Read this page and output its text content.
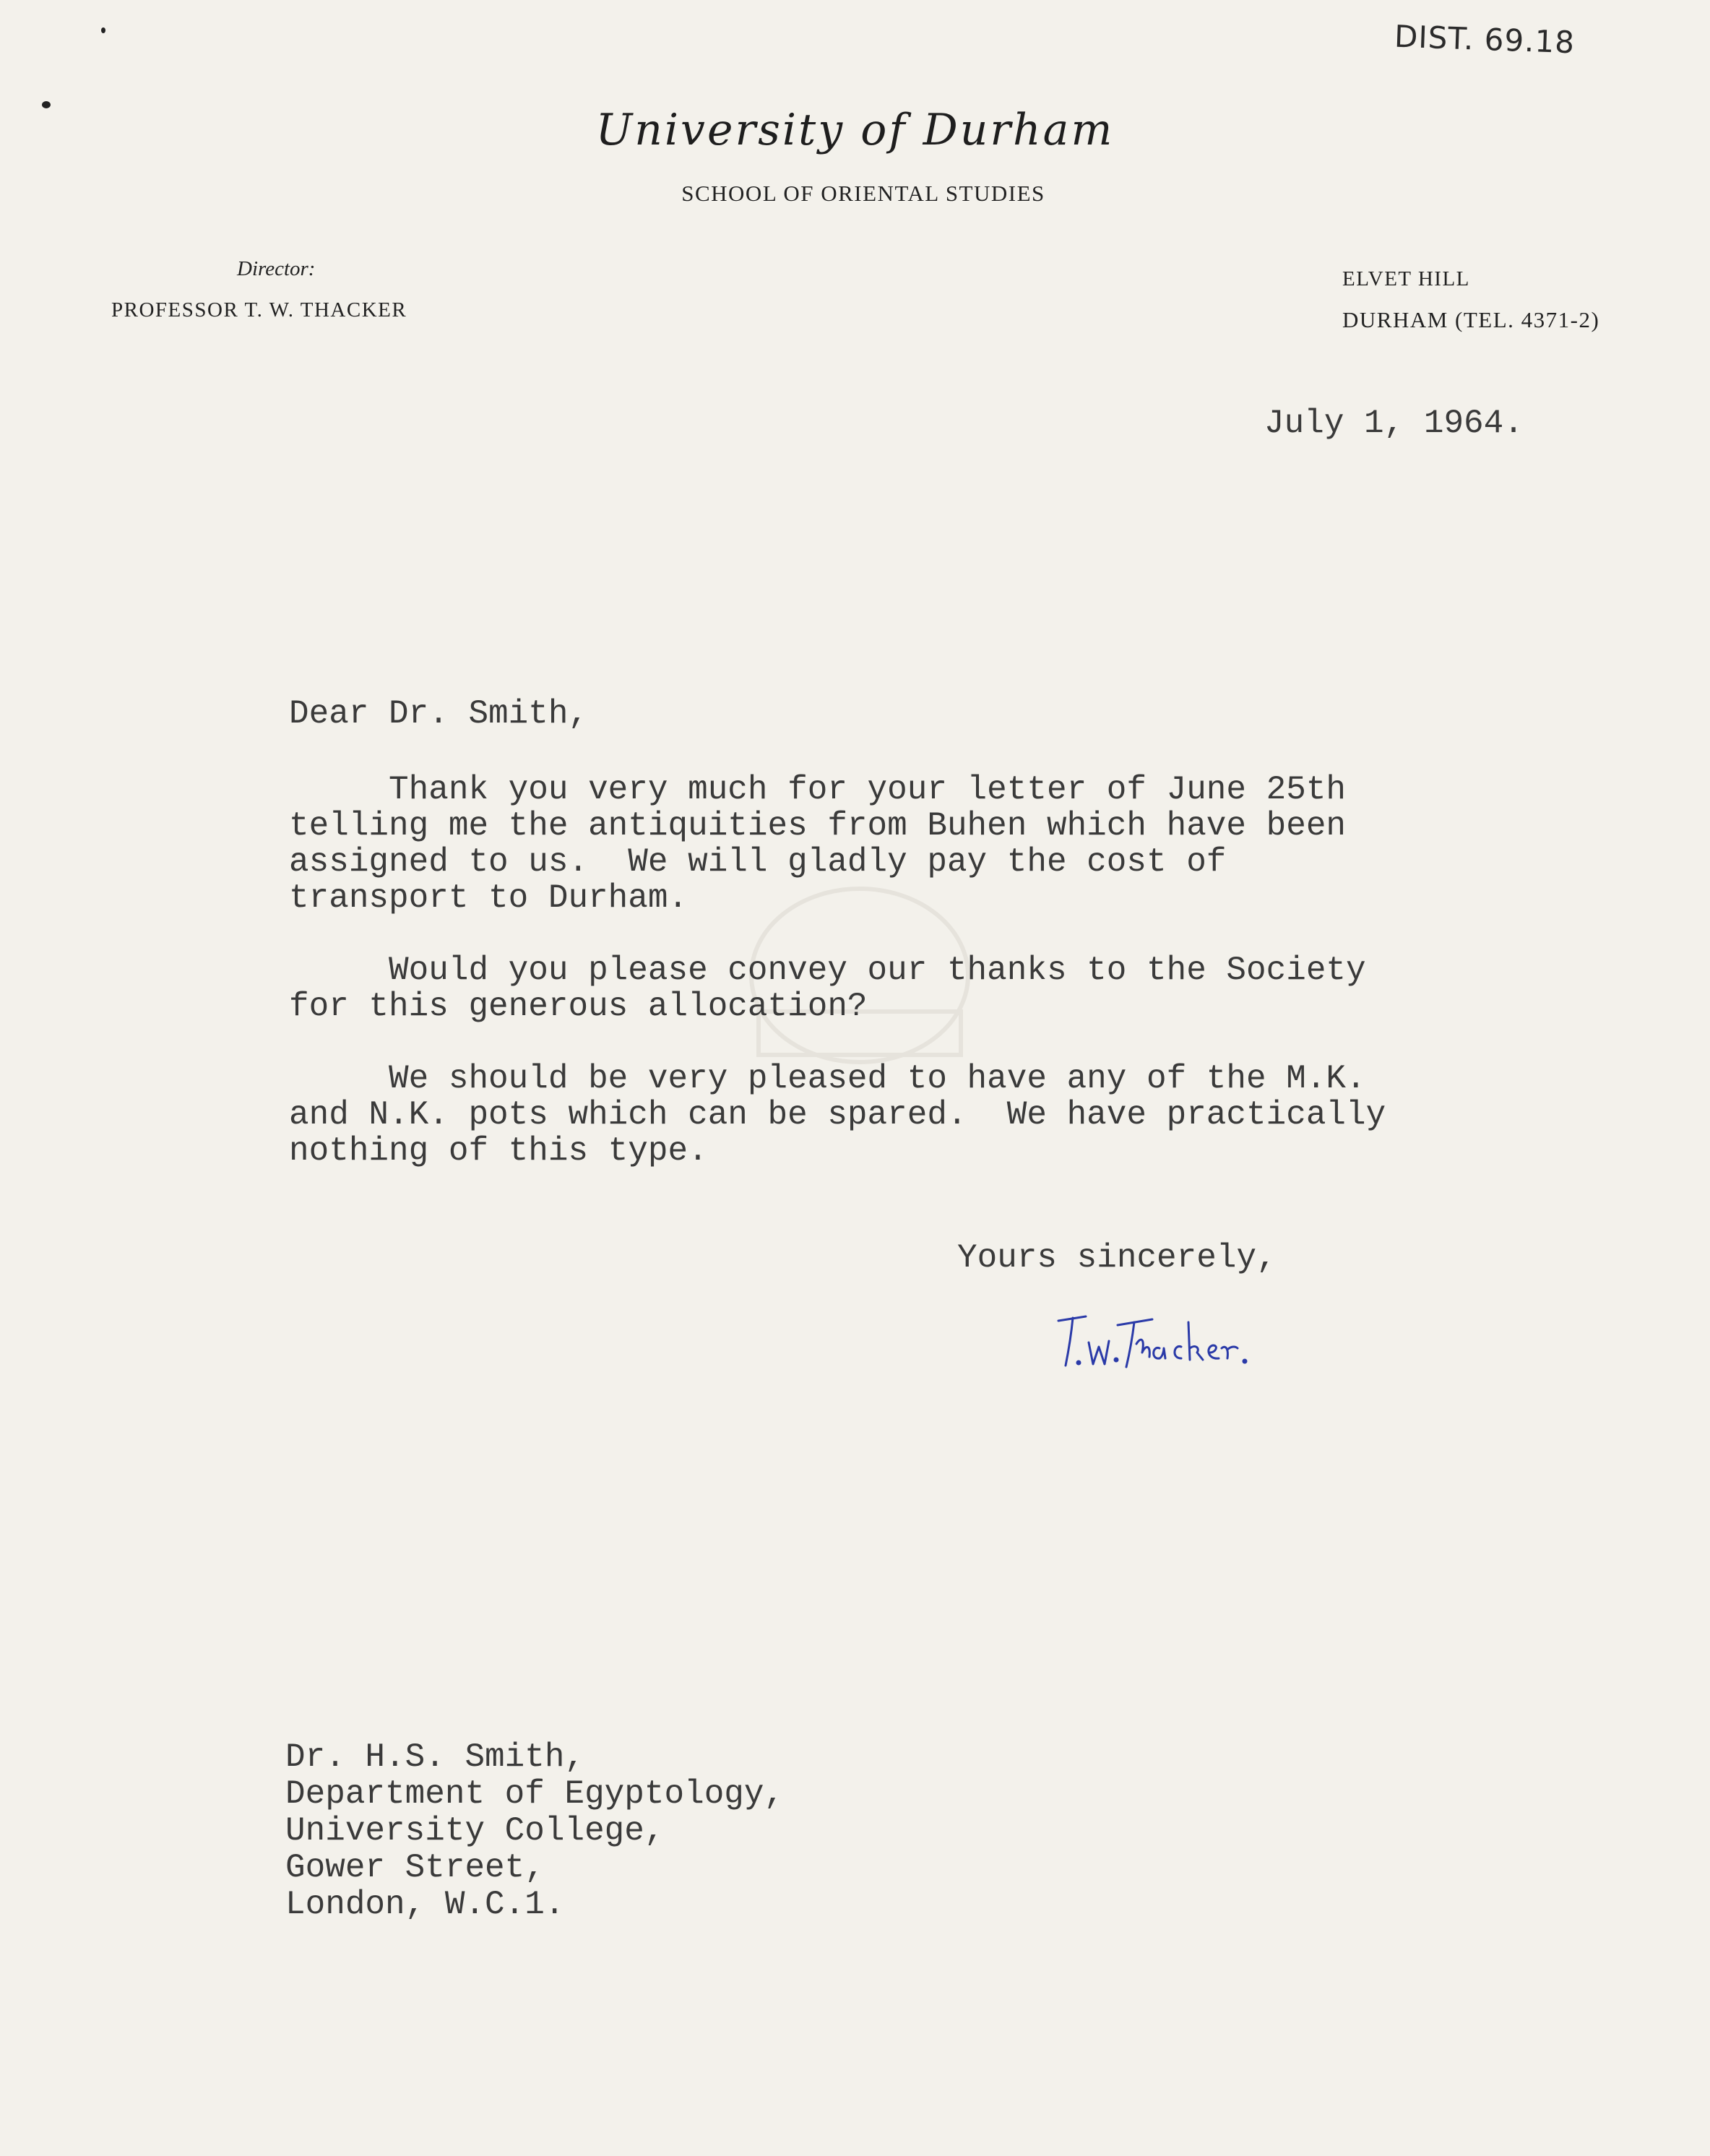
DIST. 69.18
University of Durham
SCHOOL OF ORIENTAL STUDIES
Director:
PROFESSOR T. W. THACKER
ELVET HILL
DURHAM (TEL. 4371-2)
July 1, 1964.
Dear Dr. Smith,
Thank you very much for your letter of June 25th
telling me the antiquities from Buhen which have been
assigned to us.  We will gladly pay the cost of
transport to Durham.
Would you please convey our thanks to the Society
for this generous allocation?
We should be very pleased to have any of the M.K.
and N.K. pots which can be spared.  We have practically
nothing of this type.
Yours sincerely,
Dr. H.S. Smith,
Department of Egyptology,
University College,
Gower Street,
London, W.C.1.
